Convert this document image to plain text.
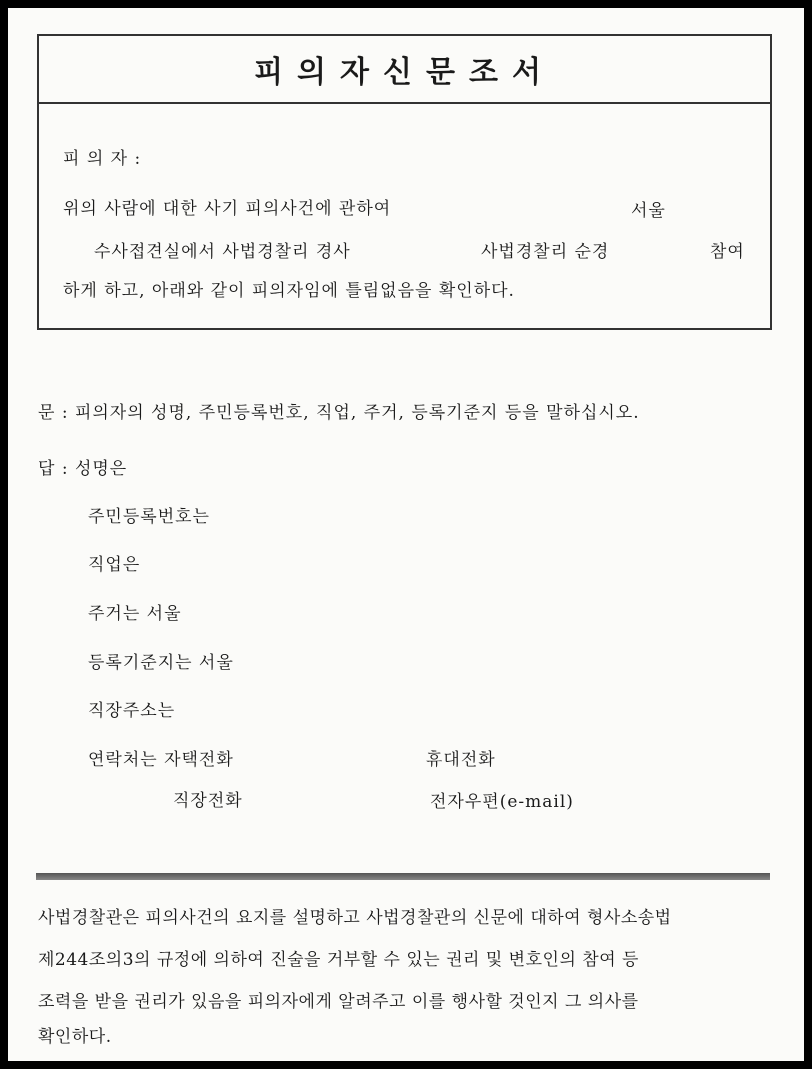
피의자신문조서
피 의 자 :
위의 사람에 대한 사기 피의사건에 관하여	서울
수사접견실에서 사법경찰리 경사	사법경찰리 순경	참여
하게 하고, 아래와 같이 피의자임에 틀림없음을 확인하다.
문 : 피의자의 성명, 주민등록번호, 직업, 주거, 등록기준지 등을 말하십시오.
답 : 성명은
주민등록번호는
직업은
주거는 서울
등록기준지는 서울
직장주소는
연락처는 자택전화	휴대전화
직장전화	전자우편(e-mail)
사법경찰관은 피의사건의 요지를 설명하고 사법경찰관의 신문에 대하여 형사소송법
제244조의3의 규정에 의하여 진술을 거부할 수 있는 권리 및 변호인의 참여 등
조력을 받을 권리가 있음을 피의자에게 알려주고 이를 행사할 것인지 그 의사를
확인하다.
